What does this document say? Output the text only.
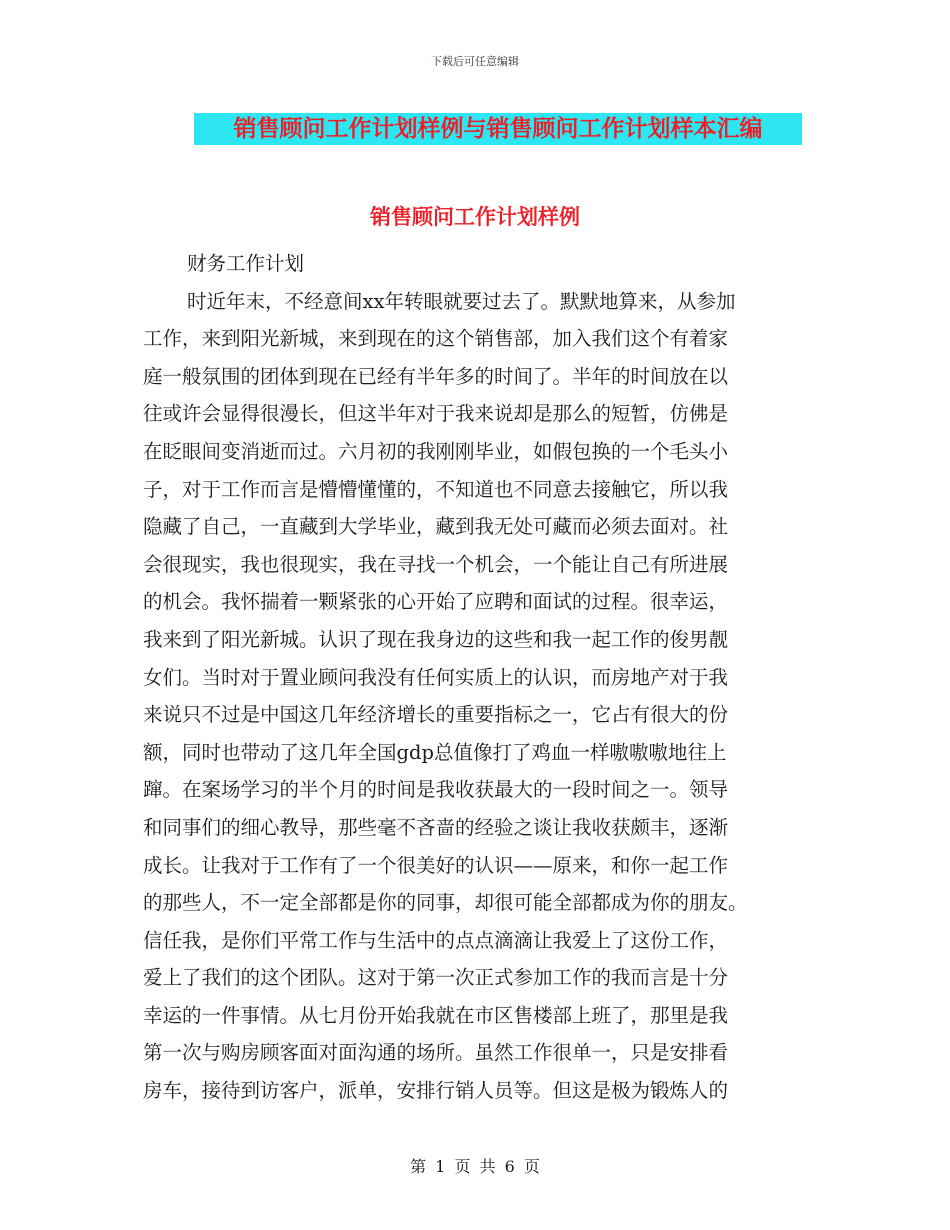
下载后可任意编辑
销售顾问工作计划样例与销售顾问工作计划样本汇编
销售顾问工作计划样例
财务工作计划
时近年末，不经意间xx年转眼就要过去了。默默地算来，从参加
工作，来到阳光新城，来到现在的这个销售部，加入我们这个有着家
庭一般氛围的团体到现在已经有半年多的时间了。半年的时间放在以
往或许会显得很漫长，但这半年对于我来说却是那么的短暂，仿佛是
在眨眼间变消逝而过。六月初的我刚刚毕业，如假包换的一个毛头小
子，对于工作而言是懵懵懂懂的，不知道也不同意去接触它，所以我
隐藏了自己，一直藏到大学毕业，藏到我无处可藏而必须去面对。社
会很现实，我也很现实，我在寻找一个机会，一个能让自己有所进展
的机会。我怀揣着一颗紧张的心开始了应聘和面试的过程。很幸运，
我来到了阳光新城。认识了现在我身边的这些和我一起工作的俊男靓
女们。当时对于置业顾问我没有任何实质上的认识，而房地产对于我
来说只不过是中国这几年经济增长的重要指标之一，它占有很大的份
额，同时也带动了这几年全国gdp总值像打了鸡血一样嗷嗷嗷地往上
蹿。在案场学习的半个月的时间是我收获最大的一段时间之一。领导
和同事们的细心教导，那些毫不吝啬的经验之谈让我收获颇丰，逐渐
成长。让我对于工作有了一个很美好的认识——原来，和你一起工作
的那些人，不一定全部都是你的同事，却很可能全部都成为你的朋友。
信任我，是你们平常工作与生活中的点点滴滴让我爱上了这份工作，
爱上了我们的这个团队。这对于第一次正式参加工作的我而言是十分
幸运的一件事情。从七月份开始我就在市区售楼部上班了，那里是我
第一次与购房顾客面对面沟通的场所。虽然工作很单一，只是安排看
房车，接待到访客户，派单，安排行销人员等。但这是极为锻炼人的
第 1 页 共 6 页
